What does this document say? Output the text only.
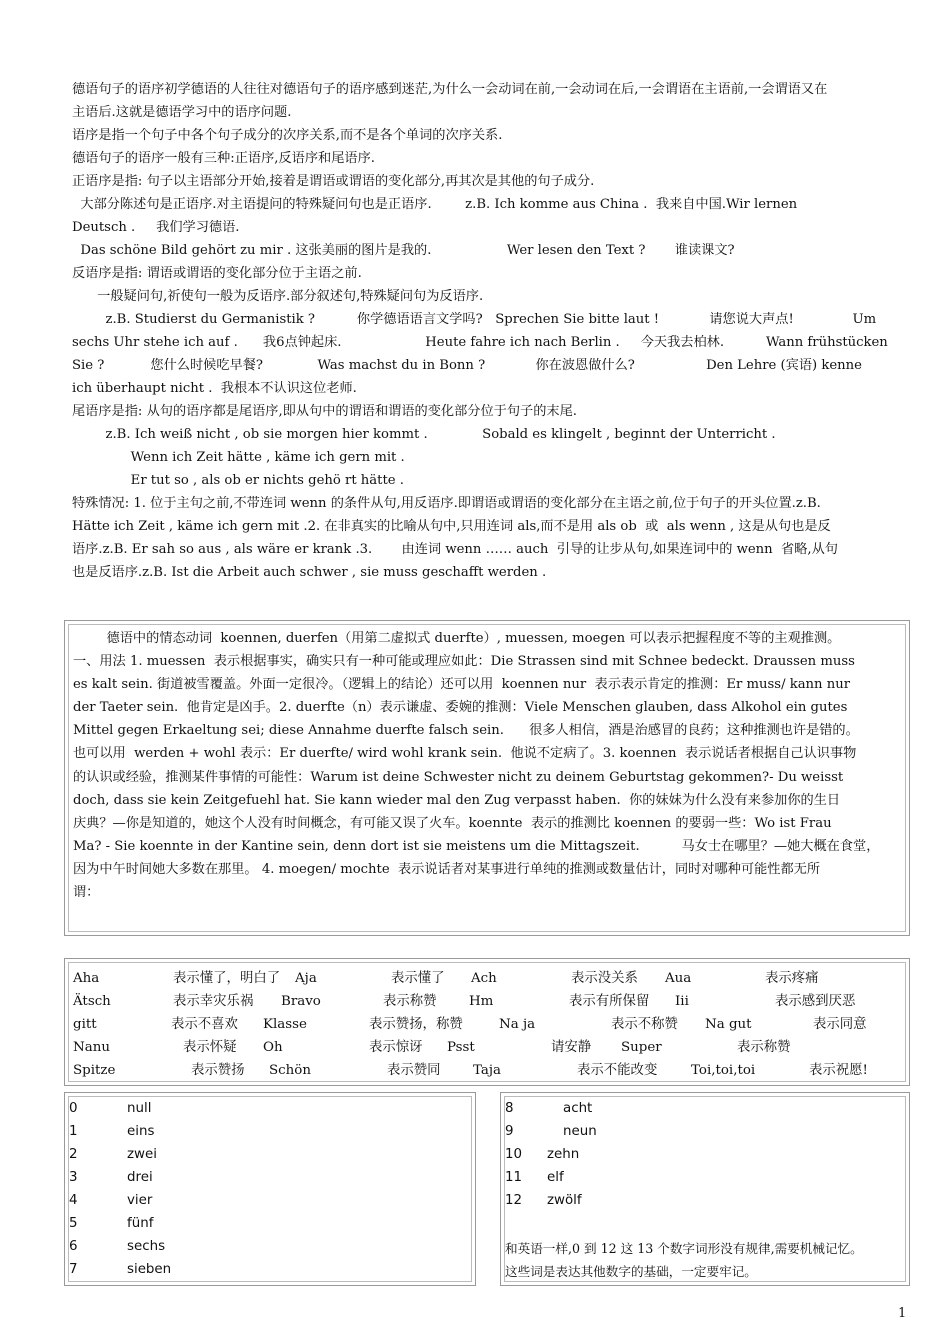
德语句子的语序初学德语的人往往对德语句子的语序感到迷茫,为什么一会动词在前,一会动词在后,一会谓语在主语前,一会谓语又在
主语后.这就是德语学习中的语序问题.
语序是指一个句子中各个句子成分的次序关系,而不是各个单词的次序关系.
德语句子的语序一般有三种:正语序,反语序和尾语序.
正语序是指: 句子以主语部分开始,接着是谓语或谓语的变化部分,再其次是其他的句子成分.
大部分陈述句是正语序.对主语提问的特殊疑问句也是正语序.        z.B. Ich komme aus China .  我来自中国.Wir lernen
Deutsch .     我们学习德语.
Das schöne Bild gehört zu mir . 这张美丽的图片是我的.                  Wer lesen den Text ?       谁读课文?
反语序是指: 谓语或谓语的变化部分位于主语之前.
一般疑问句,祈使句一般为反语序.部分叙述句,特殊疑问句为反语序.
z.B. Studierst du Germanistik ?          你学德语语言文学吗?   Sprechen Sie bitte laut !            请您说大声点!              Um
sechs Uhr stehe ich auf .      我6点钟起床.                    Heute fahre ich nach Berlin .     今天我去柏林.          Wann frühstücken
Sie ?           您什么时候吃早餐?             Was machst du in Bonn ?            你在波恩做什么?                 Den Lehre (宾语) kenne
ich überhaupt nicht .  我根本不认识这位老师.
尾语序是指: 从句的语序都是尾语序,即从句中的谓语和谓语的变化部分位于句子的末尾.
z.B. Ich weiß nicht , ob sie morgen hier kommt .             Sobald es klingelt , beginnt der Unterricht .
Wenn ich Zeit hätte , käme ich gern mit .
Er tut so , als ob er nichts gehö rt hätte .
特殊情况: 1. 位于主句之前,不带连词 wenn 的条件从句,用反语序.即谓语或谓语的变化部分在主语之前,位于句子的开头位置.z.B.
Hätte ich Zeit , käme ich gern mit .2. 在非真实的比喻从句中,只用连词 als,而不是用 als ob  或  als wenn , 这是从句也是反
语序.z.B. Er sah so aus , als wäre er krank .3.       由连词 wenn …… auch  引导的让步从句,如果连词中的 wenn  省略,从句
也是反语序.z.B. Ist die Arbeit auch schwer , sie muss geschafft werden .
德语中的情态动词  koennen, duerfen（用第二虚拟式 duerfte）, muessen, moegen 可以表示把握程度不等的主观推测。
一、用法 1. muessen  表示根据事实，确实只有一种可能或理应如此：Die Strassen sind mit Schnee bedeckt. Draussen muss
es kalt sein. 街道被雪覆盖。外面一定很冷。（逻辑上的结论）还可以用  koennen nur  表示表示肯定的推测：Er muss/ kann nur
der Taeter sein.  他肯定是凶手。2. duerfte（n）表示谦虚、委婉的推测：Viele Menschen glauben, dass Alkohol ein gutes
Mittel gegen Erkaeltung sei; diese Annahme duerfte falsch sein.      很多人相信，酒是治感冒的良药；这种推测也许是错的。
也可以用  werden + wohl 表示：Er duerfte/ wird wohl krank sein.  他说不定病了。3. koennen  表示说话者根据自己认识事物
的认识或经验，推测某件事情的可能性：Warum ist deine Schwester nicht zu deinem Geburtstag gekommen?- Du weisst
doch, dass sie kein Zeitgefuehl hat. Sie kann wieder mal den Zug verpasst haben.  你的妹妹为什么没有来参加你的生日
庆典？—你是知道的，她这个人没有时间概念，有可能又误了火车。koennte  表示的推测比 koennen 的要弱一些：Wo ist Frau
Ma? - Sie koennte in der Kantine sein, denn dort ist sie meistens um die Mittagszeit.          马女士在哪里？—她大概在食堂，
因为中午时间她大多数在那里。 4. moegen/ mochte  表示说话者对某事进行单纯的推测或数量估计，同时对哪种可能性都无所
谓：
Aha	表示懂了，明白了 Aja	表示懂了 Ach	表示没关系 Aua	表示疼痛
Ätsch	表示幸灾乐祸 Bravo	表示称赞 Hm	表示有所保留 Iii	表示感到厌恶
gitt	表示不喜欢 Klasse	表示赞扬，称赞	Na ja	表示不称赞 Na gut	表示同意
Nanu	表示怀疑 Oh	表示惊讶 Psst	请安静 Super	表示称赞
Spitze	表示赞扬 Schön	表示赞同 Taja	表示不能改变	Toi,toi,toi	表示祝愿!
0	null
1	eins
2	zwei
3	drei
4	vier
5	fünf
6	sechs
7	sieben
8	acht
9	neun
10 zehn
11 elf
12 zwölf
和英语一样,0 到 12 这 13 个数字词形没有规律,需要机械记忆。
这些词是表达其他数字的基础，一定要牢记。
1
